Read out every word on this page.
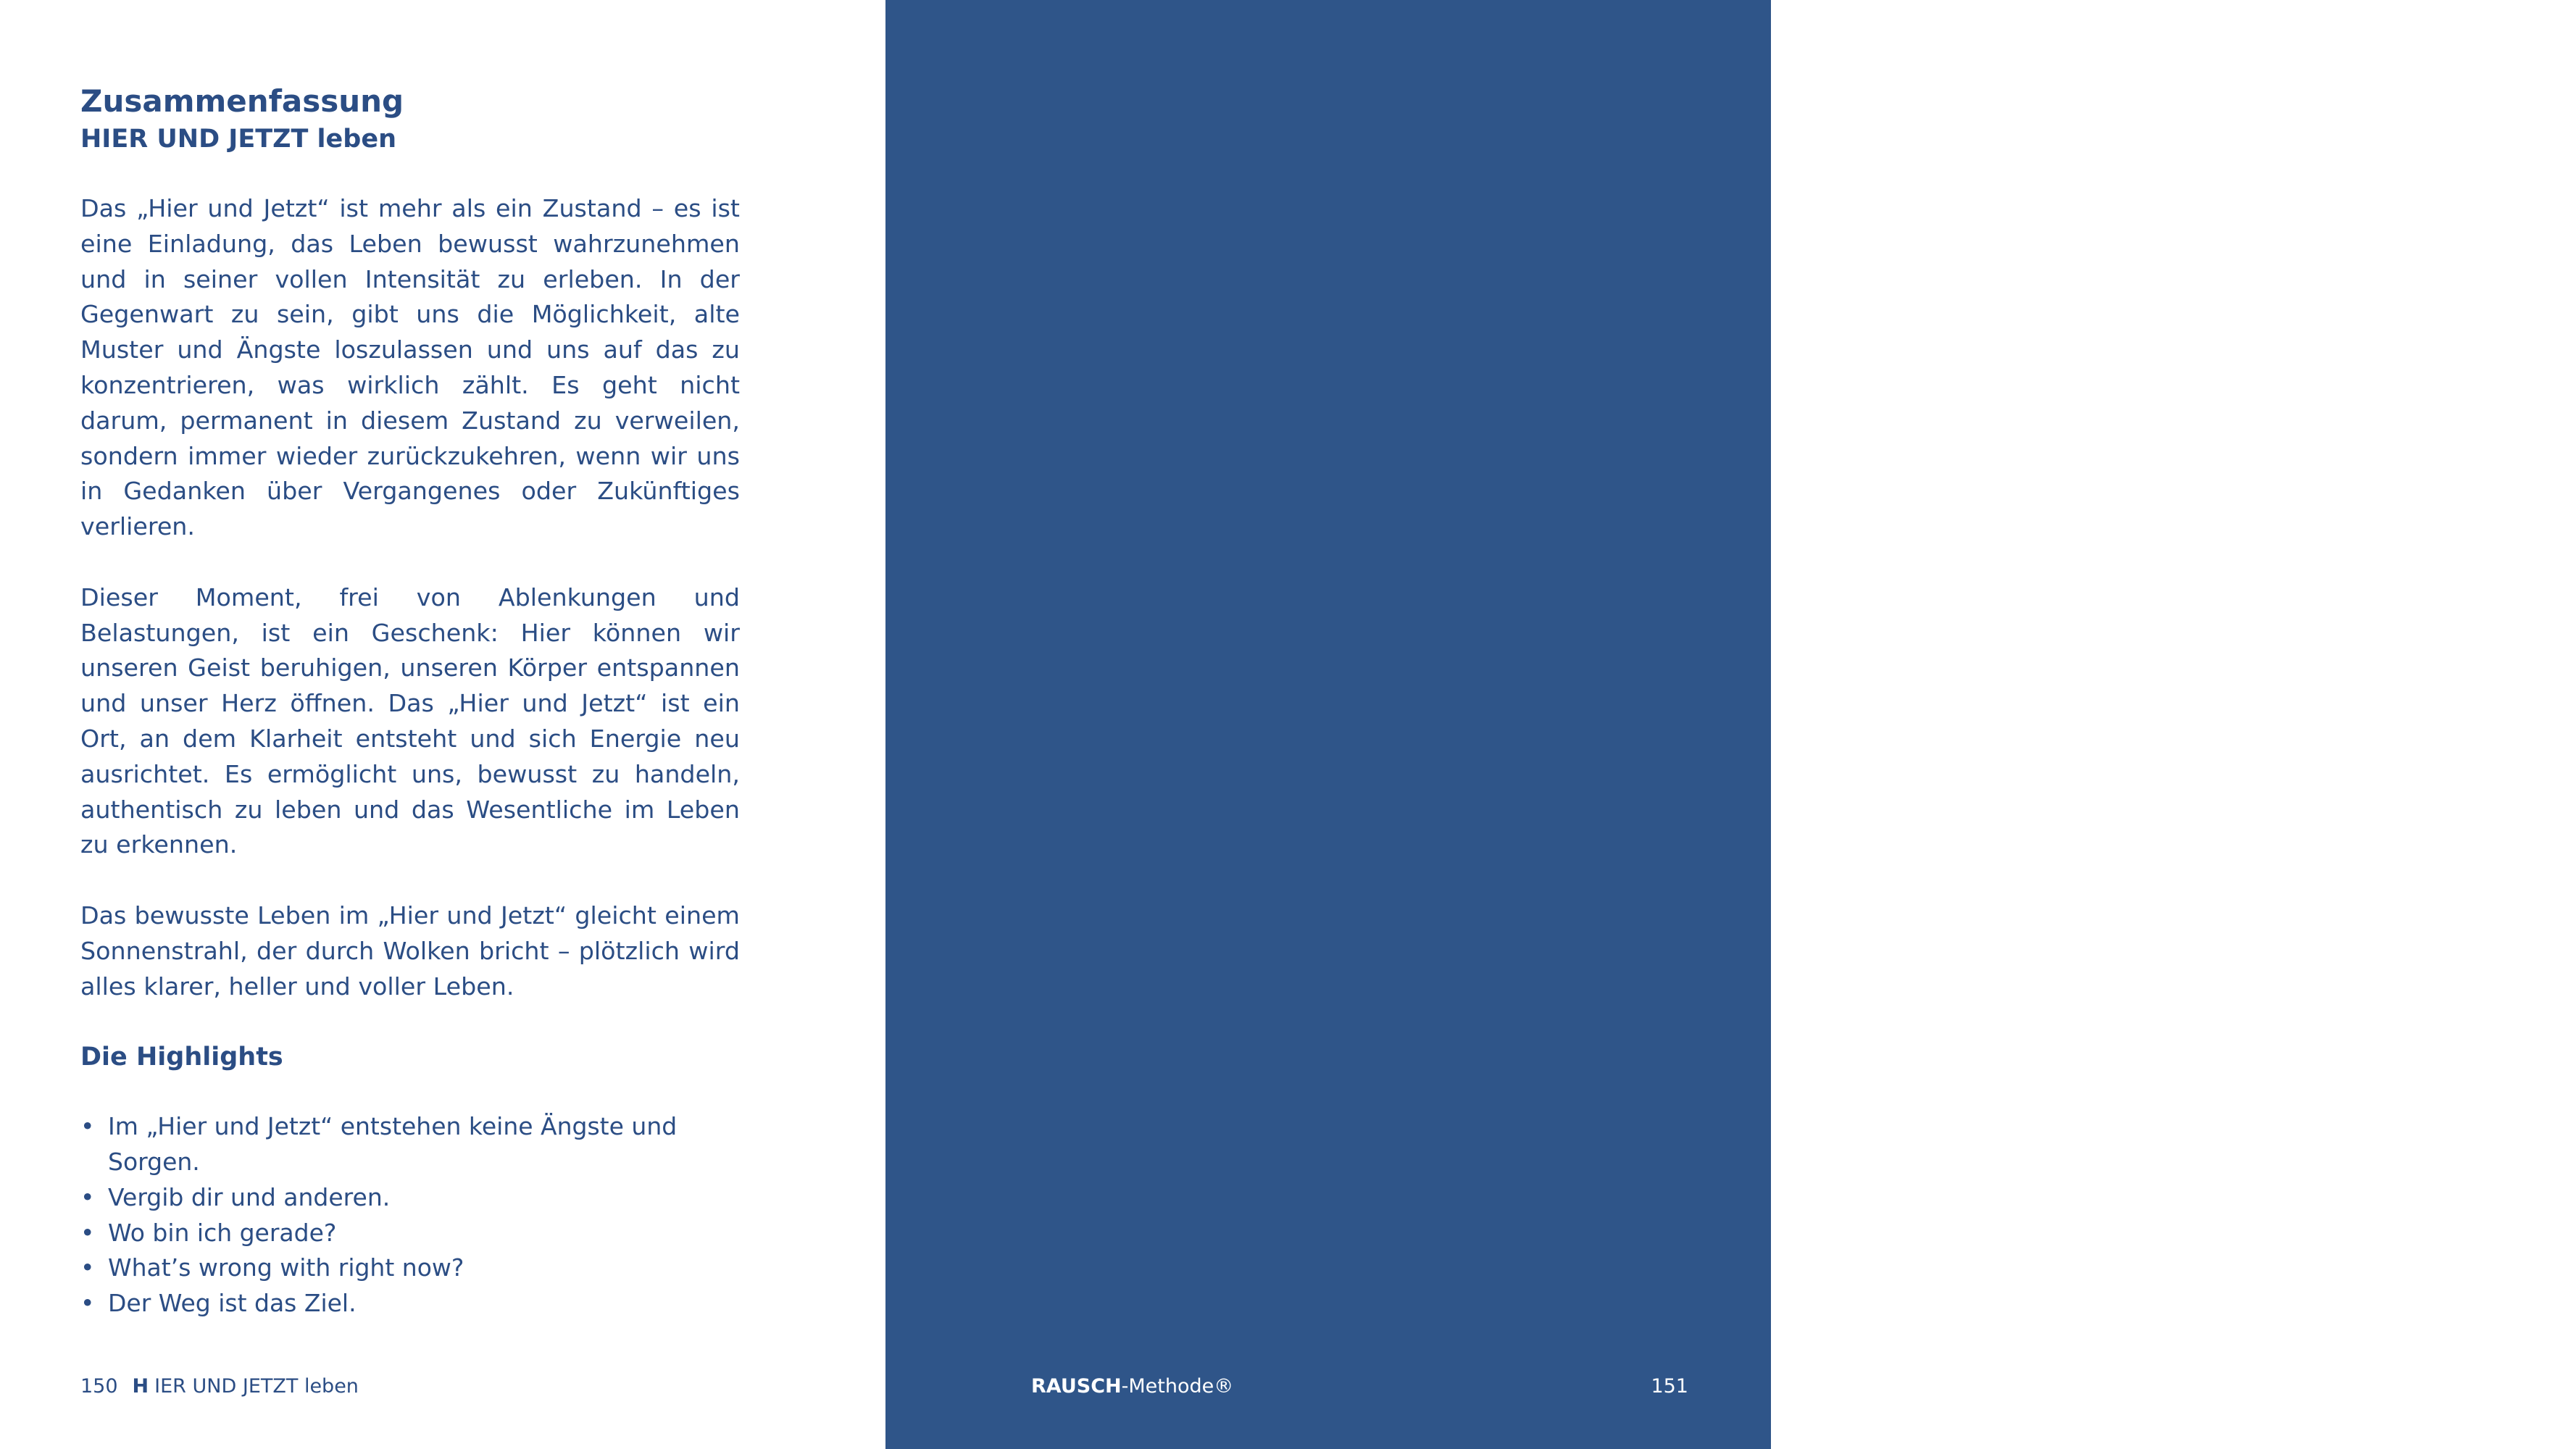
Zusammenfassung
HIER UND JETZT leben

Das „Hier und Jetzt“ ist mehr als ein Zustand – es ist eine Einladung, das Leben bewusst wahrzunehmen und in seiner vollen Intensität zu erleben. In der Gegenwart zu sein, gibt uns die Möglichkeit, alte Muster und Ängste loszulassen und uns auf das zu konzentrieren, was wirklich zählt. Es geht nicht darum, permanent in diesem Zustand zu verweilen, sondern immer wieder zurückzukehren, wenn wir uns in Gedanken über Vergangenes oder Zukünftiges verlieren.

Dieser Moment, frei von Ablenkungen und Belastungen, ist ein Geschenk: Hier können wir unseren Geist beruhigen, unseren Körper entspannen und unser Herz öffnen. Das „Hier und Jetzt“ ist ein Ort, an dem Klarheit entsteht und sich Energie neu ausrichtet. Es ermöglicht uns, bewusst zu handeln, authentisch zu leben und das Wesentliche im Leben zu erkennen.

Das bewusste Leben im „Hier und Jetzt“ gleicht einem Sonnenstrahl, der durch Wolken bricht – plötzlich wird alles klarer, heller und voller Leben.

Die Highlights
• Im „Hier und Jetzt“ entstehen keine Ängste und Sorgen.
• Vergib dir und anderen.
• Wo bin ich gerade?
• What’s wrong with right now?
• Der Weg ist das Ziel.
150 H IER UND JETZT leben
Lebe den natürlichen
EnergieRAUSCH!

Die RAUSCH-Methode® wurde entwickelt mit großer Leidenschaft und Liebe und ist weit mehr als eine Sammlung von Techniken. Sie ist ein Aufruf, das Leben zu umarmen, unsere Träume mutig zu leben und jeden Moment als Geschenk zu betrachten. Wie ein Muskel, der durch Training wächst und stärker wird, so können wir uns auch ganzheitlich weiterentwickeln – wenn wir uns den Herausforderungen des Lebens stellen und aktiv nach Wachstum streben.

Doch Wissen allein genügt nicht; es ist das Handeln, das uns formt und weiterbringt.

Die Umsetzung der RAUSCH-Methode® in unser tägliches Leben ist vergleichbar mit der Pflege eines Gartens. Wenn wir uns um diesen Garten nicht regelmäßig kümmern, überwuchert das Unkraut, und die Schönheit verblasst. Genauso ist es mit unseren Gedanken, Handlungen und Worten. Nur durch achtsame Pflege und regelmäßige Reflexion können wir gedeihen und unser volles Potenzial entfalten.

Überlege dir, in welchem Bereich du gerade wachsen möchtest. Nimm dir eine kleine Essenz aus der RAUSCH-Methode® bzw. dem Buch heraus – etwas, das du ganz in deinem eigenen Tempo umsetzen möchtest. Vielleicht ist der richtige Zeitpunkt jetzt, vielleicht auch später. Aber du hast nun ein Werkzeug an der Hand, dass dir stetiges Weiterentwickeln ermöglicht. Wenn du nur eine Sache aus meinem Buch verinnerlichst und du dadurch einen kleinen

RAUSCH-Methode®	151
